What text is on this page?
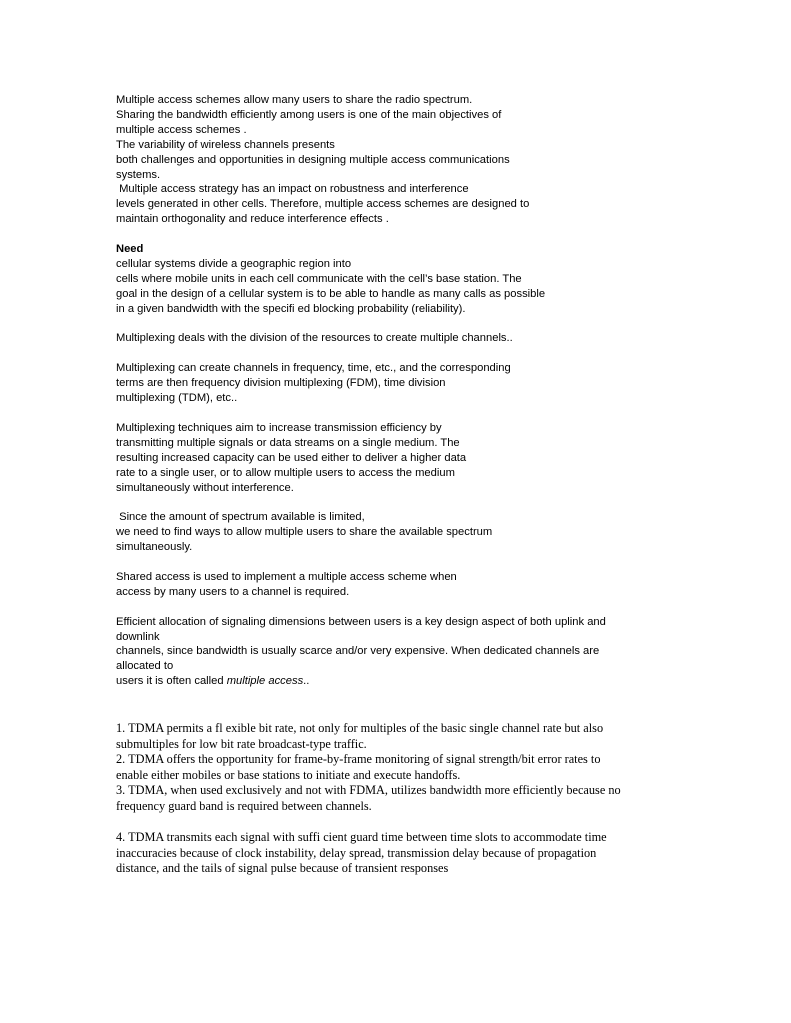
Multiple access schemes allow many users to share the radio spectrum.
Sharing the bandwidth efficiently among users is one of the main objectives of
multiple access schemes .
The variability of wireless channels presents
both challenges and opportunities in designing multiple access communications
systems.
Multiple access strategy has an impact on robustness and interference
levels generated in other cells. Therefore, multiple access schemes are designed to
maintain orthogonality and reduce interference effects .
Need
cellular systems divide a geographic region into
cells where mobile units in each cell communicate with the cell’s base station. The
goal in the design of a cellular system is to be able to handle as many calls as possible
in a given bandwidth with the specifi ed blocking probability (reliability).
Multiplexing deals with the division of the resources to create multiple channels..
Multiplexing can create channels in frequency, time, etc., and the corresponding
terms are then frequency division multiplexing (FDM), time division
multiplexing (TDM), etc..
Multiplexing techniques aim to increase transmission efficiency by
transmitting multiple signals or data streams on a single medium. The
resulting increased capacity can be used either to deliver a higher data
rate to a single user, or to allow multiple users to access the medium
simultaneously without interference.
Since the amount of spectrum available is limited,
we need to find ways to allow multiple users to share the available spectrum
simultaneously.
Shared access is used to implement a multiple access scheme when
access by many users to a channel is required.
Efficient allocation of signaling dimensions between users is a key design aspect of both uplink and
downlink
channels, since bandwidth is usually scarce and/or very expensive. When dedicated channels are
allocated to
users it is often called multiple access..
1. TDMA permits a fl exible bit rate, not only for multiples of the basic single channel rate but also
submultiples for low bit rate broadcast-type traffic.
2. TDMA offers the opportunity for frame-by-frame monitoring of signal strength/bit error rates to
enable either mobiles or base stations to initiate and execute handoffs.
3. TDMA, when used exclusively and not with FDMA, utilizes bandwidth more efficiently because no
frequency guard band is required between channels.
4. TDMA transmits each signal with suffi cient guard time between time slots to accommodate time
inaccuracies because of clock instability, delay spread, transmission delay because of propagation
distance, and the tails of signal pulse because of transient responses
